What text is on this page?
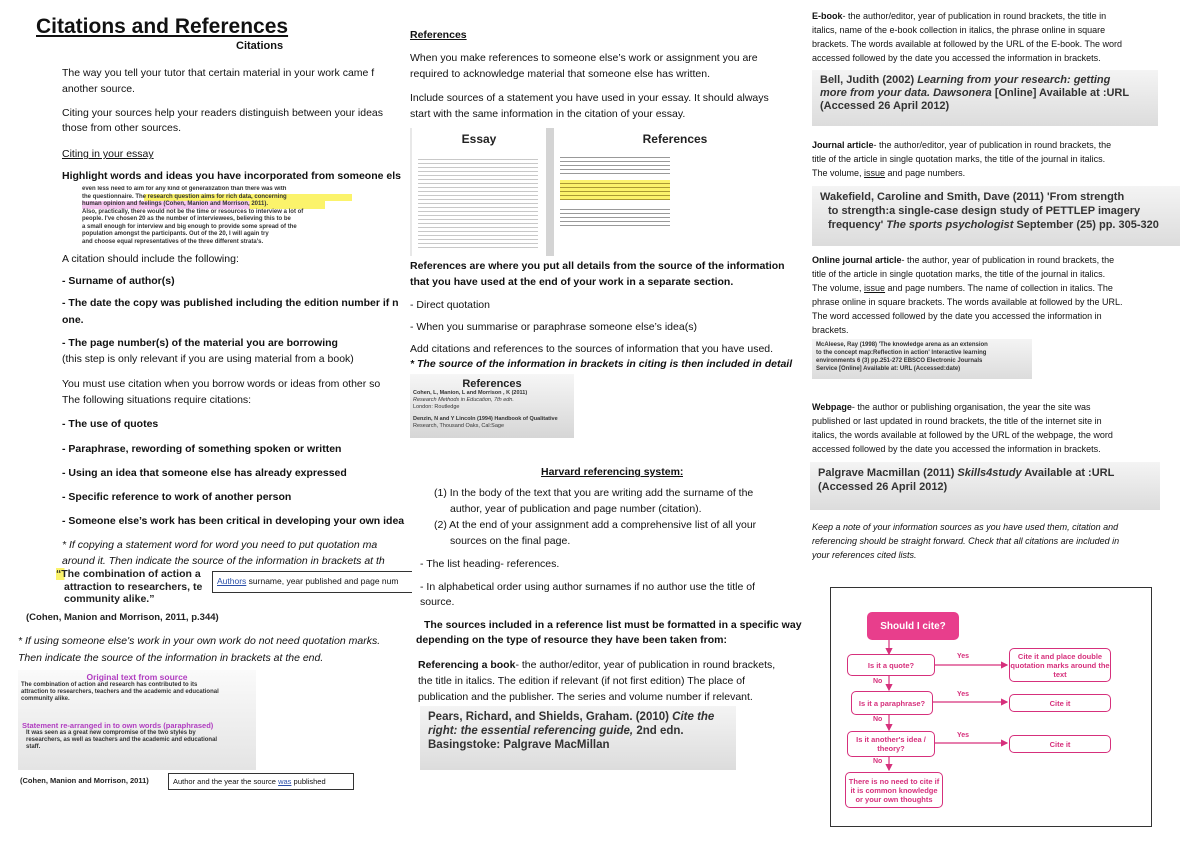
Citations and References
Citations
The way you tell your tutor that certain material in your work came f
another source.
Citing your sources help your readers distinguish between your ideas
those from other sources.
Citing in your essay
Highlight words and ideas you have incorporated from someone els
even less need to aim for any kind of generalization than there was with
the questionnaire. The research question aims for rich data, concerning
human opinion and feelings (Cohen, Manion and Morrison, 2011).
Also, practically, there would not be the time or resources to interview a lot of
people. I've chosen 20 as the number of interviewees, believing this to be
a small enough for interview and big enough to provide some spread of the
population amongst the participants. Out of the 20, I will again try
and choose equal representatives of the three different strata's.
A citation should include the following:
- Surname of author(s)
- The date the copy was published including the edition number if n
one.
- The page number(s) of the material you are borrowing
(this step is only relevant if you are using material from a book)
You must use citation when you borrow words or ideas from other so
The following situations require citations:
- The use of quotes
- Paraphrase, rewording of something spoken or written
- Using an idea that someone else has already expressed
- Specific reference to work of another person
- Someone else’s work has been critical in developing your own idea
* If copying a statement word for word you need to put quotation ma
around it. Then indicate the source of the information in brackets at th
“The combination of action a
attraction to researchers, te
community alike.”
Authors surname, year published and page num
(Cohen, Manion and Morrison, 2011, p.344)
* If using someone else's work in your own work do not need quotation marks.
Then indicate the source of the information in brackets at the end.
Original text from source
The combination of action and research has contributed to its
attraction to researchers, teachers and the academic and educational
community alike.
Statement re-arranged in to own words (paraphrased)
It was seen as a great new compromise of the two styles by
researchers, as well as teachers and the academic and educational
staff.
(Cohen, Manion and Morrison, 2011)	Author and the year the source was published
References
When you make references to someone else’s work or assignment you are
required to acknowledge material that someone else has written.
Include sources of a statement you have used in your essay. It should always
start with the same information in the citation of your essay.
Essay	References
References are where you put all details from the source of the information
that you have used at the end of your work in a separate section.
- Direct quotation
- When you summarise or paraphrase someone else’s idea(s)
Add citations and references to the sources of information that you have used.
* The source of the information in brackets in citing is then included in detail
References
Cohen, L, Manion, L and Morrison , K (2011)
Research Methods in Education, 7th edn.
London: Routledge
Denzin, N and Y Lincoln (1994) Handbook of Qualitative
Research, Thousand Oaks, Cal:Sage
Harvard referencing system:
(1) In the body of the text that you are writing add the surname of the
author, year of publication and page number (citation).
(2) At the end of your assignment add a comprehensive list of all your
sources on the final page.
- The list heading- references.
- In alphabetical order using author surnames if no author use the title of
source.
The sources included in a reference list must be formatted in a specific way
depending on the type of resource they have been taken from:
Referencing a book- the author/editor, year of publication in round brackets,
the title in italics. The edition if relevant (if not first edition) The place of
publication and the publisher. The series and volume number if relevant.
Pears, Richard, and Shields, Graham. (2010) Cite the
right: the essential referencing guide, 2nd edn.
Basingstoke: Palgrave MacMillan
E-book- the author/editor, year of publication in round brackets, the title in
italics, name of the e-book collection in italics, the phrase online in square
brackets. The words available at followed by the URL of the E-book. The word
accessed followed by the date you accessed the information in brackets.
Bell, Judith (2002) Learning from your research: getting
more from your data. Dawsonera [Online] Available at :URL
(Accessed 26 April 2012)
Journal article- the author/editor, year of publication in round brackets, the
title of the article in single quotation marks, the title of the journal in italics.
The volume, issue and page numbers.
Wakefield, Caroline and Smith, Dave (2011) 'From strength
to strength:a single-case design study of PETTLEP imagery
frequency' The sports psychologist September (25) pp. 305-320
Online journal article- the author, year of publication in round brackets, the
title of the article in single quotation marks, the title of the journal in italics.
The volume, issue and page numbers. The name of collection in italics. The
phrase online in square brackets. The words available at followed by the URL.
The word accessed followed by the date you accessed the information in
brackets.
McAleese, Ray (1998) 'The knowledge arena as an extension
to the concept map:Reflection in action' Interactive learning
environments 6 (3) pp.251-272 EBSCO Electronic Journals
Service [Online] Available at: URL (Accessed:date)
Webpage- the author or publishing organisation, the year the site was
published or last updated in round brackets, the title of the internet site in
italics, the words available at followed by the URL of the webpage, the word
accessed followed by the date you accessed the information in brackets.
Palgrave Macmillan (2011) Skills4study Available at :URL
(Accessed 26 April 2012)
Keep a note of your information sources as you have used them, citation and
referencing should be straight forward. Check that all citations are included in
your references cited lists.
Should I cite?
Is it a quote?
Cite it and place double quotation marks around the text
Is it a paraphrase?	Cite it
Is it another's idea / theory?	Cite it
There is no need to cite if it is common knowledge or your own thoughts
Yes
No
Yes
No
Yes
No
